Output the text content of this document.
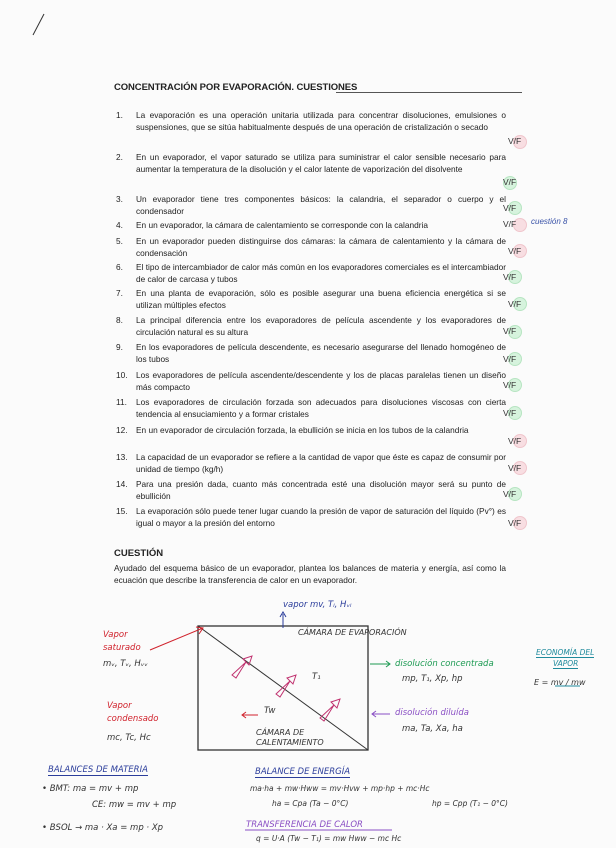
CONCENTRACIÓN POR EVAPORACIÓN. CUESTIONES
1. La evaporación es una operación unitaria utilizada para concentrar disoluciones, emulsiones o suspensiones, que se sitúa habitualmente después de una operación de cristalización o secado
2. En un evaporador, el vapor saturado se utiliza para suministrar el calor sensible necesario para aumentar la temperatura de la disolución y el calor latente de vaporización del disolvente
3. Un evaporador tiene tres componentes básicos: la calandria, el separador o cuerpo y el condensador
4. En un evaporador, la cámara de calentamiento se corresponde con la calandria
5. En un evaporador pueden distinguirse dos cámaras: la cámara de calentamiento y la cámara de condensación
6. El tipo de intercambiador de calor más común en los evaporadores comerciales es el intercambiador de calor de carcasa y tubos
7. En una planta de evaporación, sólo es posible asegurar una buena eficiencia energética si se utilizan múltiples efectos
8. La principal diferencia entre los evaporadores de película ascendente y los evaporadores de circulación natural es su altura
9. En los evaporadores de película descendente, es necesario asegurarse del llenado homogéneo de los tubos
10. Los evaporadores de película ascendente/descendente y los de placas paralelas tienen un diseño más compacto
11. Los evaporadores de circulación forzada son adecuados para disoluciones viscosas con cierta tendencia al ensuciamiento y a formar cristales
12. En un evaporador de circulación forzada, la ebullición se inicia en los tubos de la calandria
13. La capacidad de un evaporador se refiere a la cantidad de vapor que éste es capaz de consumir por unidad de tiempo (kg/h)
14. Para una presión dada, cuanto más concentrada esté una disolución mayor será su punto de ebullición
15. La evaporación sólo puede tener lugar cuando la presión de vapor de saturación del líquido (Pv°) es igual o mayor a la presión del entorno
V/F
V/F
V/F
V/F
V/F
V/F
V/F
V/F
V/F
V/F
V/F
V/F
V/F
V/F
V/F
cuestión 8
CUESTIÓN
Ayudado del esquema básico de un evaporador, plantea los balances de materia y energía, así como la ecuación que describe la transferencia de calor en un evaporador.
vapor mv, Tₗ, Hᵥₗ
CÁMARA DE EVAPORACIÓN
T₁
Tw
CÁMARA DE CALENTAMIENTO
Vapor
saturado
mᵥ, Tᵥ, Hᵥᵥ
Vapor
condensado
mc, Tc, Hc
disolución concentrada
mp, T₁, Xp, hp
disolución diluída
ma, Ta, Xa, ha
ECONOMÍA DEL
VAPOR
E = mv / mw
BALANCES DE MATERIA
• BMT: ma = mv + mp
CE: mw = mv + mp
• BSOL → ma · Xa = mp · Xp
BALANCE DE ENERGÍA
ma·ha + mw·Hww = mv·Hvw + mp·hp + mc·Hc
ha = Cpa (Ta − 0°C)	hp = Cpp (T₁ − 0°C)
TRANSFERENCIA DE CALOR
q = U·A (Tw − T₁) = mw Hww − mc Hc
